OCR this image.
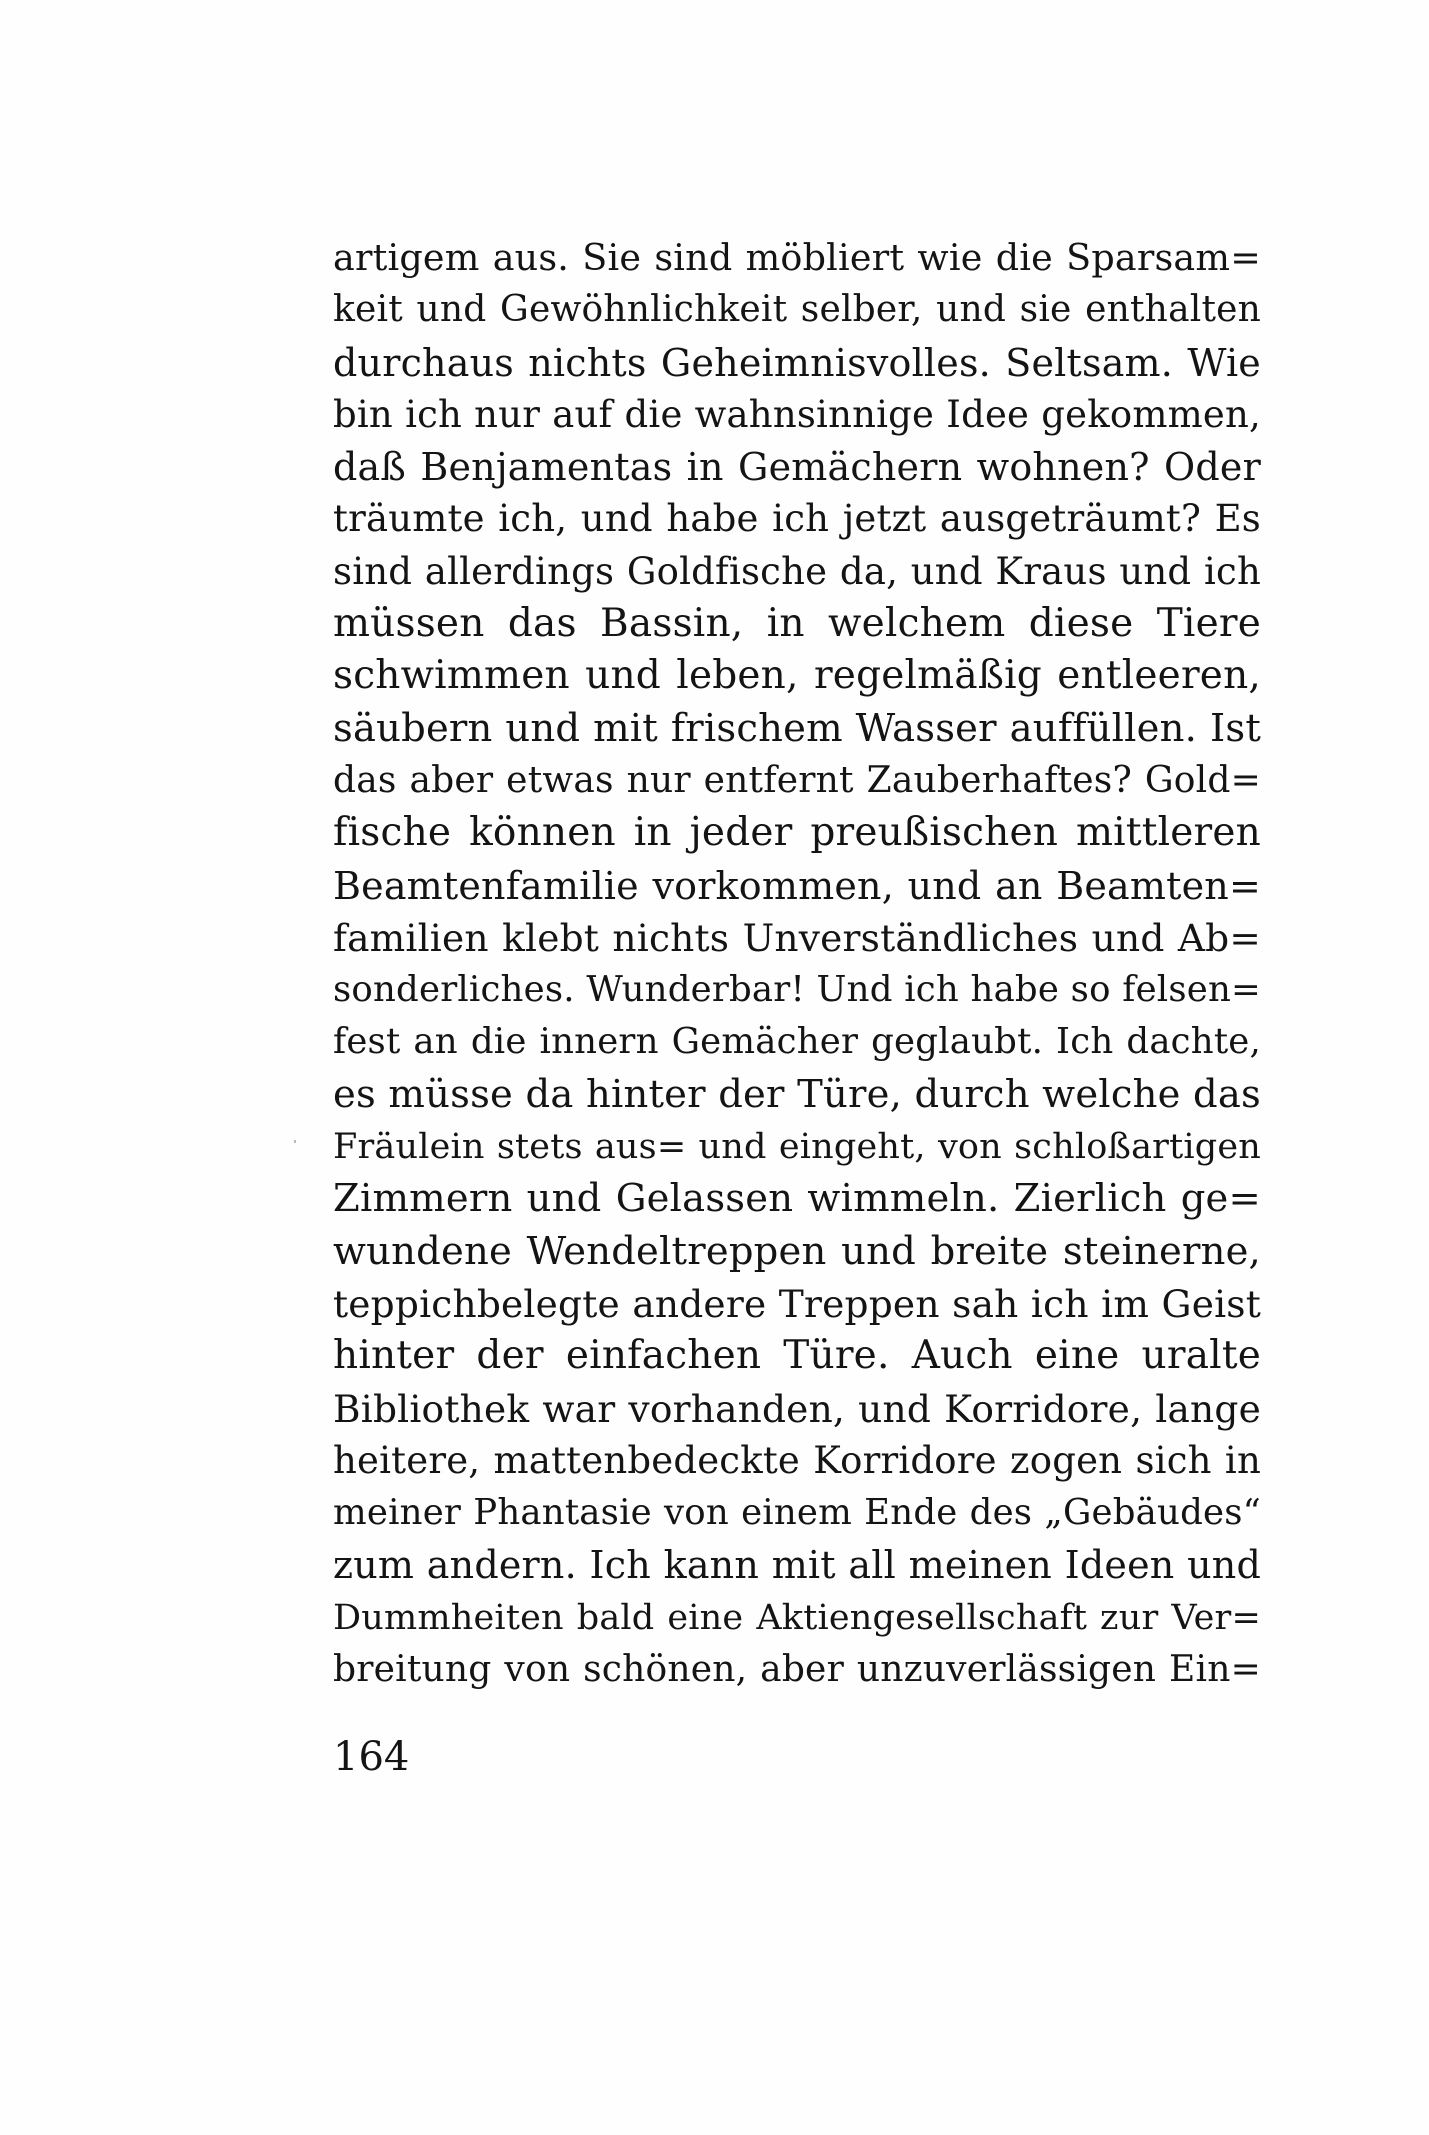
artigem aus. Sie sind möbliert wie die Sparsam=
keit und Gewöhnlichkeit selber, und sie enthalten
durchaus nichts Geheimnisvolles. Seltsam. Wie
bin ich nur auf die wahnsinnige Idee gekommen,
daß Benjamentas in Gemächern wohnen? Oder
träumte ich, und habe ich jetzt ausgeträumt? Es
sind allerdings Goldfische da, und Kraus und ich
müssen das Bassin, in welchem diese Tiere
schwimmen und leben, regelmäßig entleeren,
säubern und mit frischem Wasser auffüllen. Ist
das aber etwas nur entfernt Zauberhaftes? Gold=
fische können in jeder preußischen mittleren
Beamtenfamilie vorkommen, und an Beamten=
familien klebt nichts Unverständliches und Ab=
sonderliches. Wunderbar! Und ich habe so felsen=
fest an die innern Gemächer geglaubt. Ich dachte,
es müsse da hinter der Türe, durch welche das
Fräulein stets aus= und eingeht, von schloßartigen
Zimmern und Gelassen wimmeln. Zierlich ge=
wundene Wendeltreppen und breite steinerne,
teppichbelegte andere Treppen sah ich im Geist
hinter der einfachen Türe. Auch eine uralte
Bibliothek war vorhanden, und Korridore, lange
heitere, mattenbedeckte Korridore zogen sich in
meiner Phantasie von einem Ende des „Gebäudes“
zum andern. Ich kann mit all meinen Ideen und
Dummheiten bald eine Aktiengesellschaft zur Ver=
breitung von schönen, aber unzuverlässigen Ein=
164
